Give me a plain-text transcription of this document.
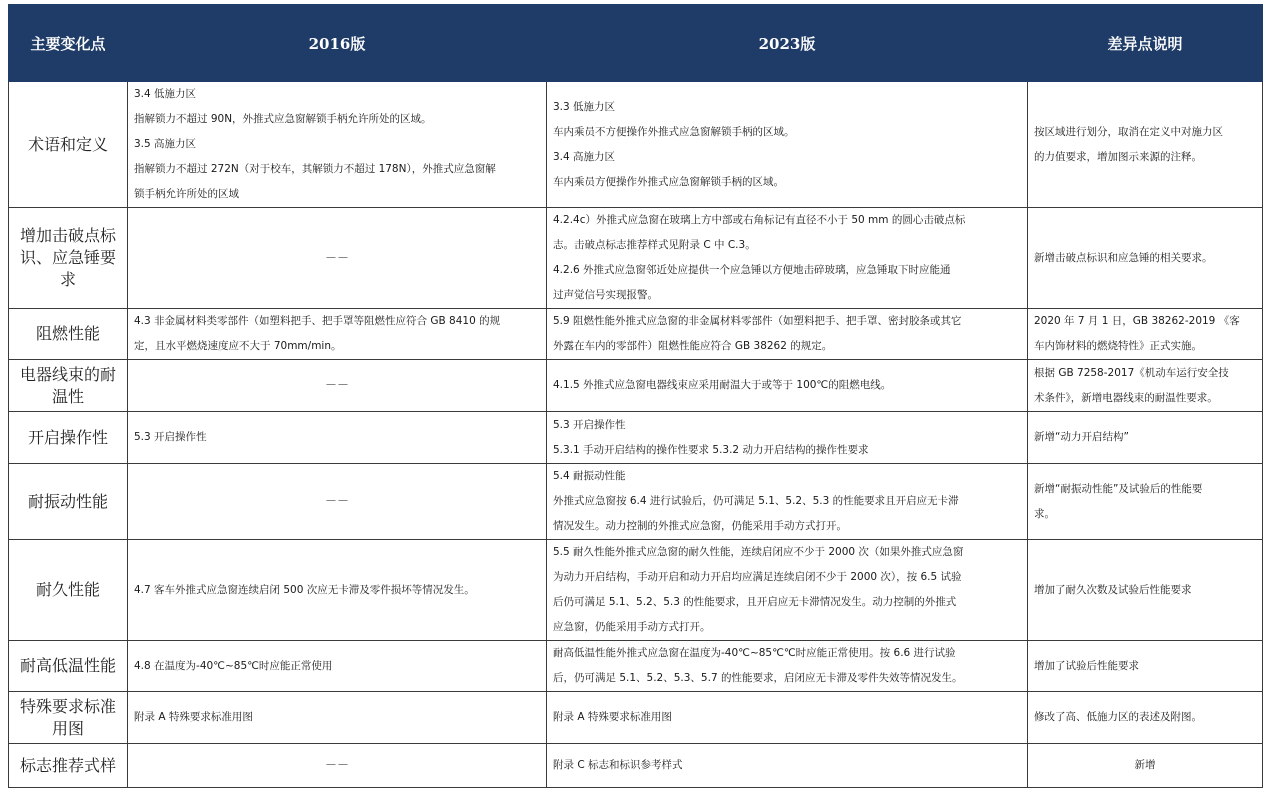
主要变化点	2016版	2023版	差异点说明
术语和定义	3.4 低施力区
指解锁力不超过 90N，外推式应急窗解锁手柄允许所处的区域。
3.5 高施力区
指解锁力不超过 272N（对于校车，其解锁力不超过 178N），外推式应急窗解
锁手柄允许所处的区域	3.3 低施力区
车内乘员不方便操作外推式应急窗解锁手柄的区域。
3.4 高施力区
车内乘员方便操作外推式应急窗解锁手柄的区域。	按区域进行划分，取消在定义中对施力区
的力值要求，增加图示来源的注释。

增加击破点标识、应急锤要求	－－	4.2.4c）外推式应急窗在玻璃上方中部或右角标记有直径不小于 50 mm 的圆心击破点标
志。击破点标志推荐样式见附录 C 中 C.3。
4.2.6 外推式应急窗邻近处应提供一个应急锤以方便地击碎玻璃，应急锤取下时应能通
过声觉信号实现报警。	新增击破点标识和应急锤的相关要求。

阻燃性能	4.3 非金属材料类零部件（如塑料把手、把手罩等阻燃性应符合 GB 8410 的规
定，且水平燃烧速度应不大于 70mm/min。	5.9 阻燃性能外推式应急窗的非金属材料零部件（如塑料把手、把手罩、密封胶条或其它
外露在车内的零部件）阻燃性能应符合 GB 38262 的规定。	2020 年 7 月 1 日，GB 38262-2019 《客
车内饰材料的燃烧特性》正式实施。

电器线束的耐温性	－－	4.1.5 外推式应急窗电器线束应采用耐温大于或等于 100℃的阻燃电线。	根据 GB 7258-2017《机动车运行安全技
术条件》，新增电器线束的耐温性要求。

开启操作性	5.3 开启操作性	5.3 开启操作性
5.3.1 手动开启结构的操作性要求 5.3.2 动力开启结构的操作性要求	新增“动力开启结构”

耐振动性能	－－	5.4 耐振动性能
外推式应急窗按 6.4 进行试验后，仍可满足 5.1、5.2、5.3 的性能要求且开启应无卡滞
情况发生。动力控制的外推式应急窗，仍能采用手动方式打开。	新增“耐振动性能”及试验后的性能要
求。

耐久性能	4.7 客车外推式应急窗连续启闭 500 次应无卡滞及零件损坏等情况发生。	5.5 耐久性能外推式应急窗的耐久性能，连续启闭应不少于 2000 次（如果外推式应急窗
为动力开启结构，手动开启和动力开启均应满足连续启闭不少于 2000 次），按 6.5 试验
后仍可满足 5.1、5.2、5.3 的性能要求，且开启应无卡滞情况发生。动力控制的外推式
应急窗，仍能采用手动方式打开。	增加了耐久次数及试验后性能要求

耐高低温性能	4.8 在温度为-40℃~85℃时应能正常使用	耐高低温性能外推式应急窗在温度为-40℃~85℃℃时应能正常使用。按 6.6 进行试验
后，仍可满足 5.1、5.2、5.3、5.7 的性能要求，启闭应无卡滞及零件失效等情况发生。	增加了试验后性能要求

特殊要求标准用图	附录 A 特殊要求标准用图	附录 A 特殊要求标准用图	修改了高、低施力区的表述及附图。

标志推荐式样	－－	附录 C 标志和标识参考样式	新增
